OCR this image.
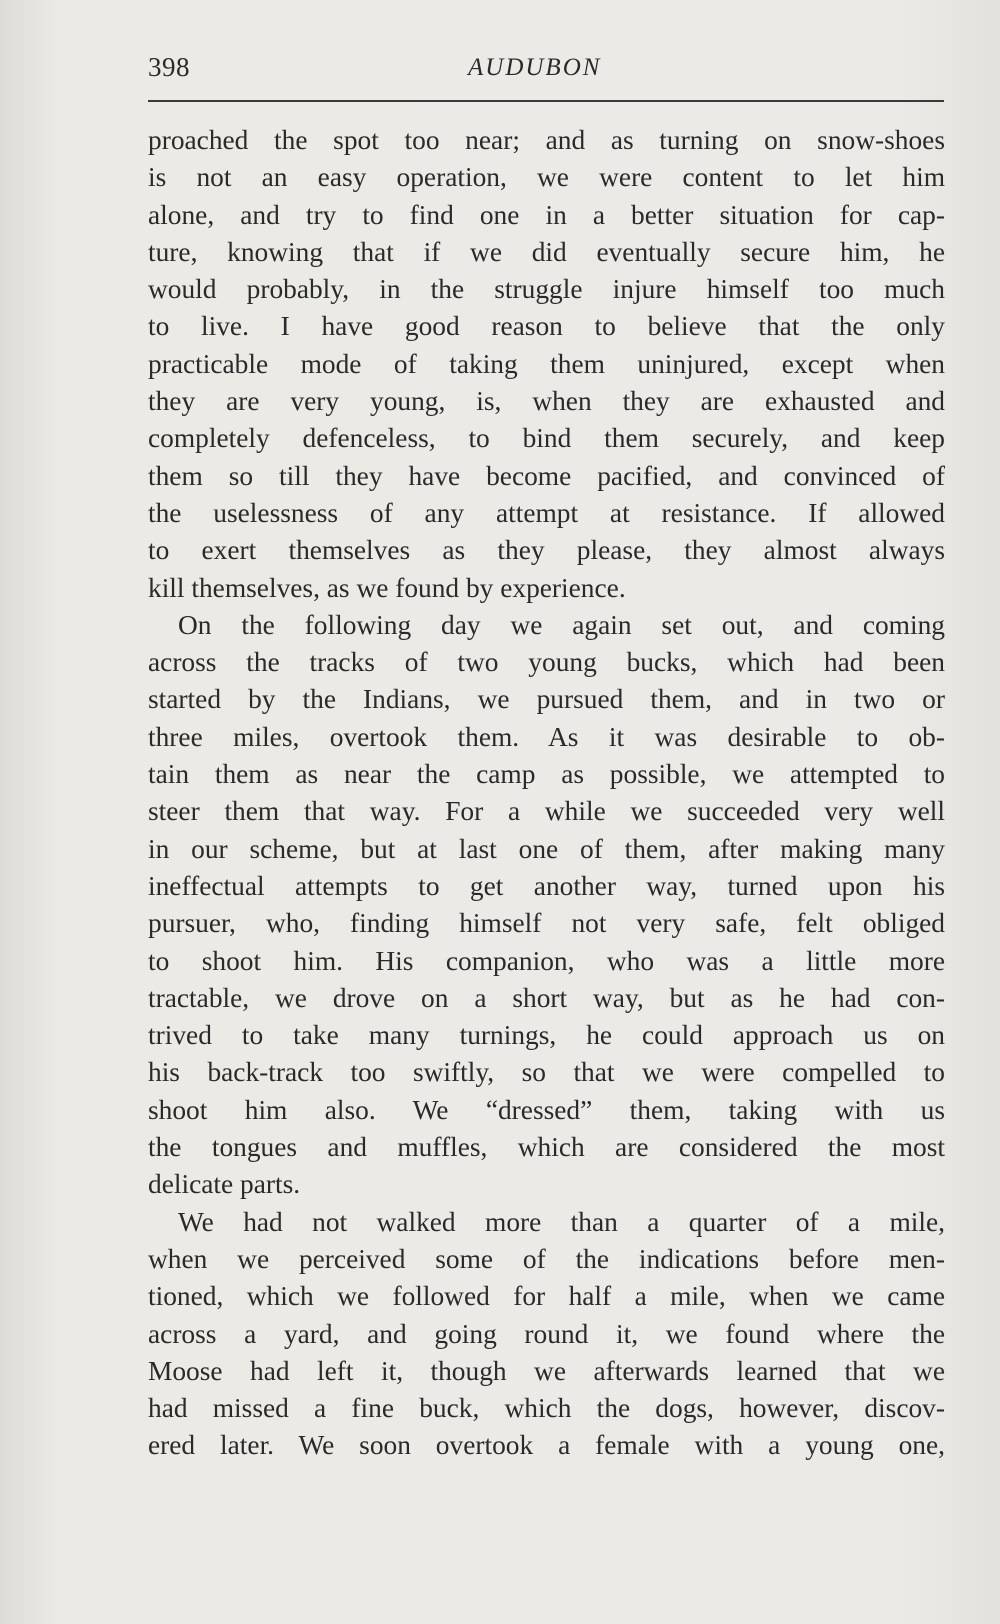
398	AUDUBON
proached the spot too near; and as turning on snow-shoes
is not an easy operation, we were content to let him
alone, and try to find one in a better situation for cap-
ture, knowing that if we did eventually secure him, he
would probably, in the struggle injure himself too much
to live. I have good reason to believe that the only
practicable mode of taking them uninjured, except when
they are very young, is, when they are exhausted and
completely defenceless, to bind them securely, and keep
them so till they have become pacified, and convinced of
the uselessness of any attempt at resistance. If allowed
to exert themselves as they please, they almost always
kill themselves, as we found by experience.
On the following day we again set out, and coming
across the tracks of two young bucks, which had been
started by the Indians, we pursued them, and in two or
three miles, overtook them. As it was desirable to ob-
tain them as near the camp as possible, we attempted to
steer them that way. For a while we succeeded very well
in our scheme, but at last one of them, after making many
ineffectual attempts to get another way, turned upon his
pursuer, who, finding himself not very safe, felt obliged
to shoot him. His companion, who was a little more
tractable, we drove on a short way, but as he had con-
trived to take many turnings, he could approach us on
his back-track too swiftly, so that we were compelled to
shoot him also. We “dressed” them, taking with us
the tongues and muffles, which are considered the most
delicate parts.
We had not walked more than a quarter of a mile,
when we perceived some of the indications before men-
tioned, which we followed for half a mile, when we came
across a yard, and going round it, we found where the
Moose had left it, though we afterwards learned that we
had missed a fine buck, which the dogs, however, discov-
ered later. We soon overtook a female with a young one,
